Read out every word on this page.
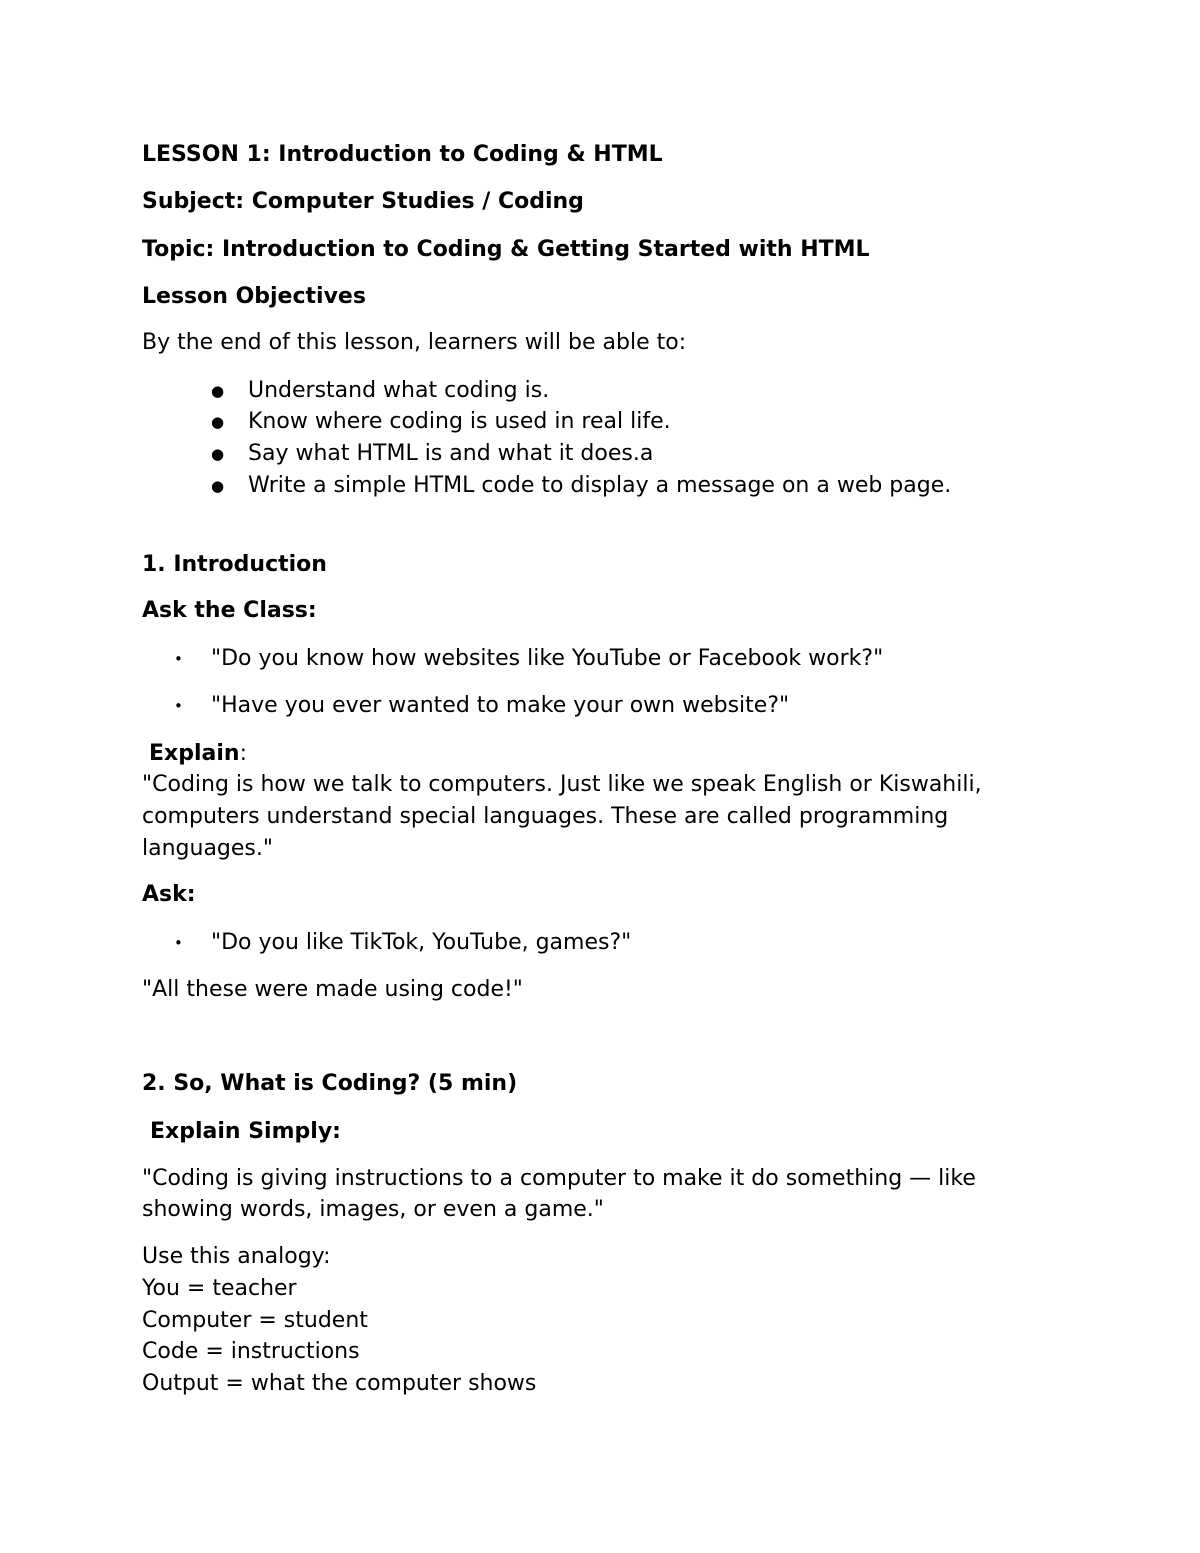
LESSON 1: Introduction to Coding & HTML
Subject: Computer Studies / Coding
Topic: Introduction to Coding & Getting Started with HTML
Lesson Objectives
By the end of this lesson, learners will be able to:
● Understand what coding is.
● Know where coding is used in real life.
● Say what HTML is and what it does.a
● Write a simple HTML code to display a message on a web page.
1. Introduction
Ask the Class:
• "Do you know how websites like YouTube or Facebook work?"
• "Have you ever wanted to make your own website?"
Explain:
"Coding is how we talk to computers. Just like we speak English or Kiswahili,
computers understand special languages. These are called programming
languages."
Ask:
• "Do you like TikTok, YouTube, games?"
"All these were made using code!"
2. So, What is Coding? (5 min)
Explain Simply:
"Coding is giving instructions to a computer to make it do something — like
showing words, images, or even a game."
Use this analogy:
You = teacher
Computer = student
Code = instructions
Output = what the computer shows
